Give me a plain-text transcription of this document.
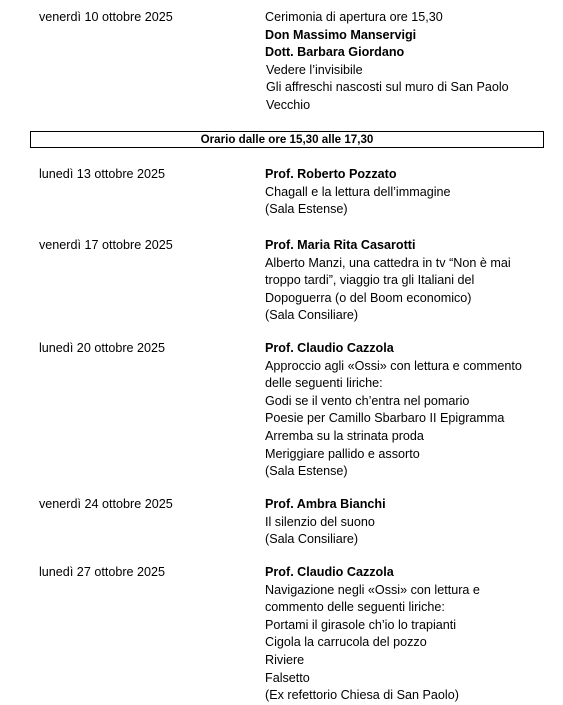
venerdì 10 ottobre 2025	Cerimonia di apertura ore 15,30
Don Massimo Manservigi
Dott. Barbara Giordano
Vedere l’invisibile
Gli affreschi nascosti sul muro di San Paolo
Vecchio
Orario dalle ore 15,30 alle 17,30
lunedì 13 ottobre 2025	Prof. Roberto Pozzato
Chagall e la lettura dell’immagine
(Sala Estense)
venerdì 17 ottobre 2025	Prof. Maria Rita Casarotti
Alberto Manzi, una cattedra in tv “Non è mai
troppo tardi”, viaggio tra gli Italiani del
Dopoguerra (o del Boom economico)
(Sala Consiliare)
lunedì 20 ottobre 2025	Prof. Claudio Cazzola
Approccio agli «Ossi» con lettura e commento
delle seguenti liriche:
Godi se il vento ch’entra nel pomario
Poesie per Camillo Sbarbaro II Epigramma
Arremba su la strinata proda
Meriggiare pallido e assorto
(Sala Estense)
venerdì 24 ottobre 2025	Prof. Ambra Bianchi
Il silenzio del suono
(Sala Consiliare)
lunedì 27 ottobre 2025	Prof. Claudio Cazzola
Navigazione negli «Ossi» con lettura e
commento delle seguenti liriche:
Portami il girasole ch’io lo trapianti
Cigola la carrucola del pozzo
Riviere
Falsetto
(Ex refettorio Chiesa di San Paolo)
